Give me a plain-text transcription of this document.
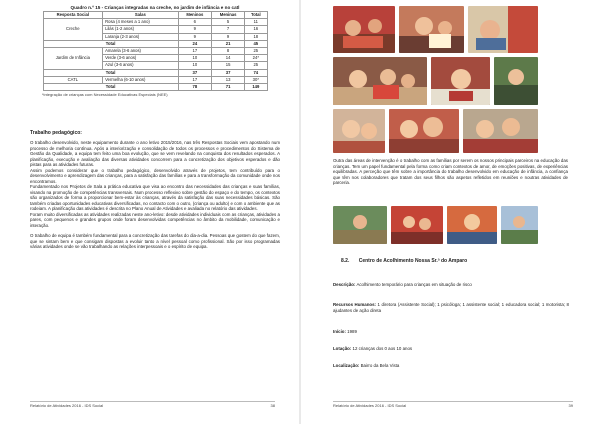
Quadro n.º 15 - Crianças integradas na creche, no jardim de infância e no catl
Resposta Social	Salas	Meninos	Meninas	Total
Creche	Rosa (4 meses a 1 ano)	6	5	11
	Lilás (1-2 anos)	9	7	16
	Laranja (2-3 anos)	9	9	18
Total		24	21	45
Jardim de Infância	Amarela (3-6 anos)	17	8	25
	Verde (3-6 anos)	10	14	24*
	Azul (3-6 anos)	10	15	25
Total		37	37	74
CATL	Vermelha (6-10 anos)	17	13	30*
Total		78	71	149
*integração de crianças com Necessidade Educativas Especiais (NEE)
Trabalho pedagógico:
O trabalho desenvolvido, neste equipamento durante o ano letivo 2015/2016, nas três Respostas Sociais vem apostando num processo de melhoria contínua. Após a interiorização e consolidação de todos os processos e procedimentos do Sistema de Gestão da Qualidade, a equipa tem feito uma boa evolução, que se vem revelando na conquista dos resultados esperados. A planificação, execução e avaliação das diversas atividades concorrem para a concretização dos objetivos esperados e dão pistas para as atividades futuras.
Assim podemos considerar que o trabalho pedagógico, desenvolvido através de projetos, tem contribuído para o desenvolvimento e aprendizagem das crianças, para a satisfação das famílias e para a transformação da comunidade onde nos encontramos.
Fundamentado nos Projetos de Sala a prática educativa que visa ao encontro das necessidades das crianças e suas famílias, visando na promoção de competências transversais. Num processo reflexivo sobre gestão do espaço e do tempo, os contextos são organizados de forma a proporcionar bem-estar às crianças, através da satisfação das suas necessidades básicas. São também criadas oportunidades educativas diversificadas, no contacto com o outro, (criança ou adulto) e com o ambiente que as rodeiam. A planificação das atividades é descrita no Plano Anual de Atividades e avaliada no relatório das atividades.
Foram muito diversificadas as atividades realizadas neste ano-letivo: desde atividades individuais com as crianças, atividades a pares, com pequenos e grandes grupos onde foram desenvolvidas competências no âmbito da mobilidade, comunicação e interação.
O trabalho de equipa é também fundamental para a concretização das tarefas do dia-a-dia. Pessoas que gostem do que fazem, que se sintam bem e que consigam dispostas a evoluir tanto a nível pessoal como profissional. São por isso programadas várias atividades onde se vão trabalhando as relações interpessoais e o espírito de equipa.
Relatório de Atividades 2016 - IDS Social	38
Outra das áreas de intervenção é o trabalho com as famílias por serem os nossos principais parceiros na educação das crianças. Tem um papel fundamental pela forma como criam contextos de amor, de emoções positivas, de experiências equilibradas. A perceção que têm sobre a importância do trabalho desenvolvido em educação de infância, a confiança que têm nos colaboradores que tratam dos seus filhos são aspetos refletidos em reuniões e noutras atividades de parceria.
8.2. Centro de Acolhimento Nossa Sr.ª do Amparo
Descrição: Acolhimento temporário para crianças em situação de risco
Recursos Humanos: 1 diretora (Assistente Social); 1 psicóloga; 1 assistente social; 1 educadora social; 1 motorista; 8 ajudantes de ação direta
Início: 1989
Lotação: 12 crianças dos 0 aos 10 anos
Localização: Bairro da Bela Vista
Relatório de Atividades 2016 - IDS Social	39
